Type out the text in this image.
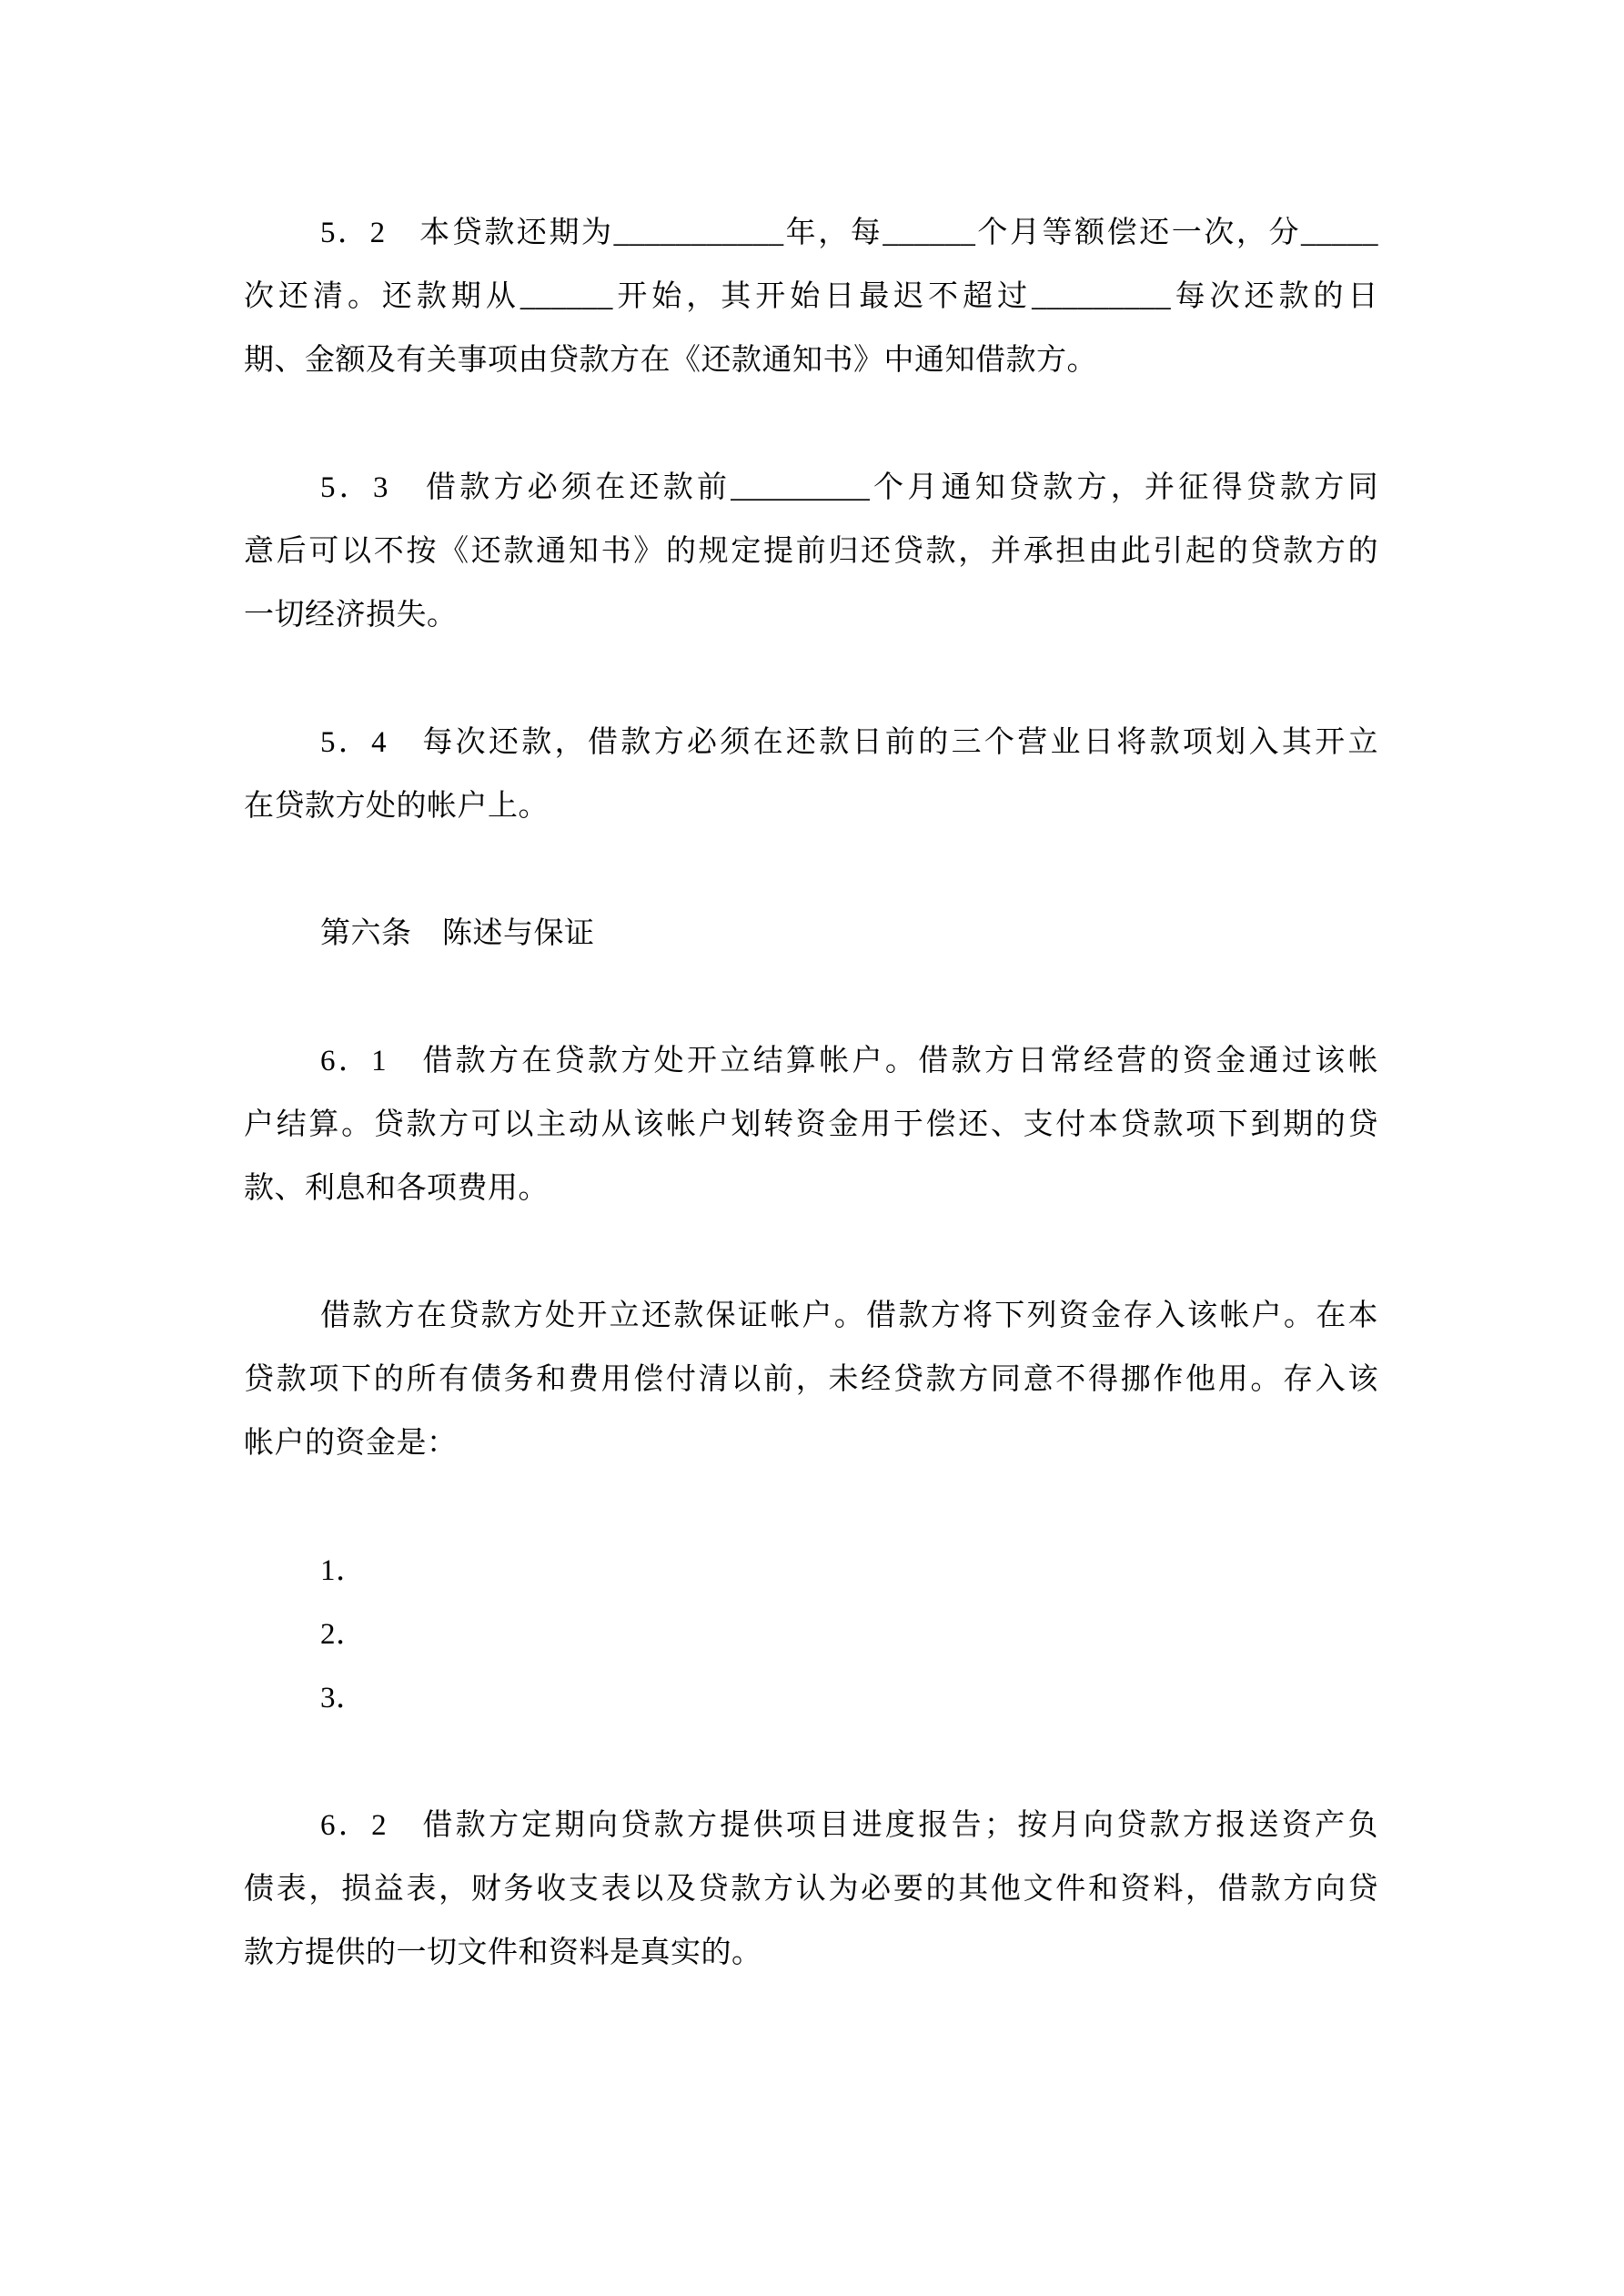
5．2　本贷款还期为___________年，每______个月等额偿还一次，分_____
次还清。还款期从______开始，其开始日最迟不超过_________每次还款的日
期、金额及有关事项由贷款方在《还款通知书》中通知借款方。
5．3　借款方必须在还款前_________个月通知贷款方，并征得贷款方同
意后可以不按《还款通知书》的规定提前归还贷款，并承担由此引起的贷款方的
一切经济损失。
5．4　每次还款，借款方必须在还款日前的三个营业日将款项划入其开立
在贷款方处的帐户上。
第六条　陈述与保证
6．1　借款方在贷款方处开立结算帐户。借款方日常经营的资金通过该帐
户结算。贷款方可以主动从该帐户划转资金用于偿还、支付本贷款项下到期的贷
款、利息和各项费用。
借款方在贷款方处开立还款保证帐户。借款方将下列资金存入该帐户。在本
贷款项下的所有债务和费用偿付清以前，未经贷款方同意不得挪作他用。存入该
帐户的资金是：
1．
2．
3．
6．2　借款方定期向贷款方提供项目进度报告；按月向贷款方报送资产负
债表，损益表，财务收支表以及贷款方认为必要的其他文件和资料，借款方向贷
款方提供的一切文件和资料是真实的。
